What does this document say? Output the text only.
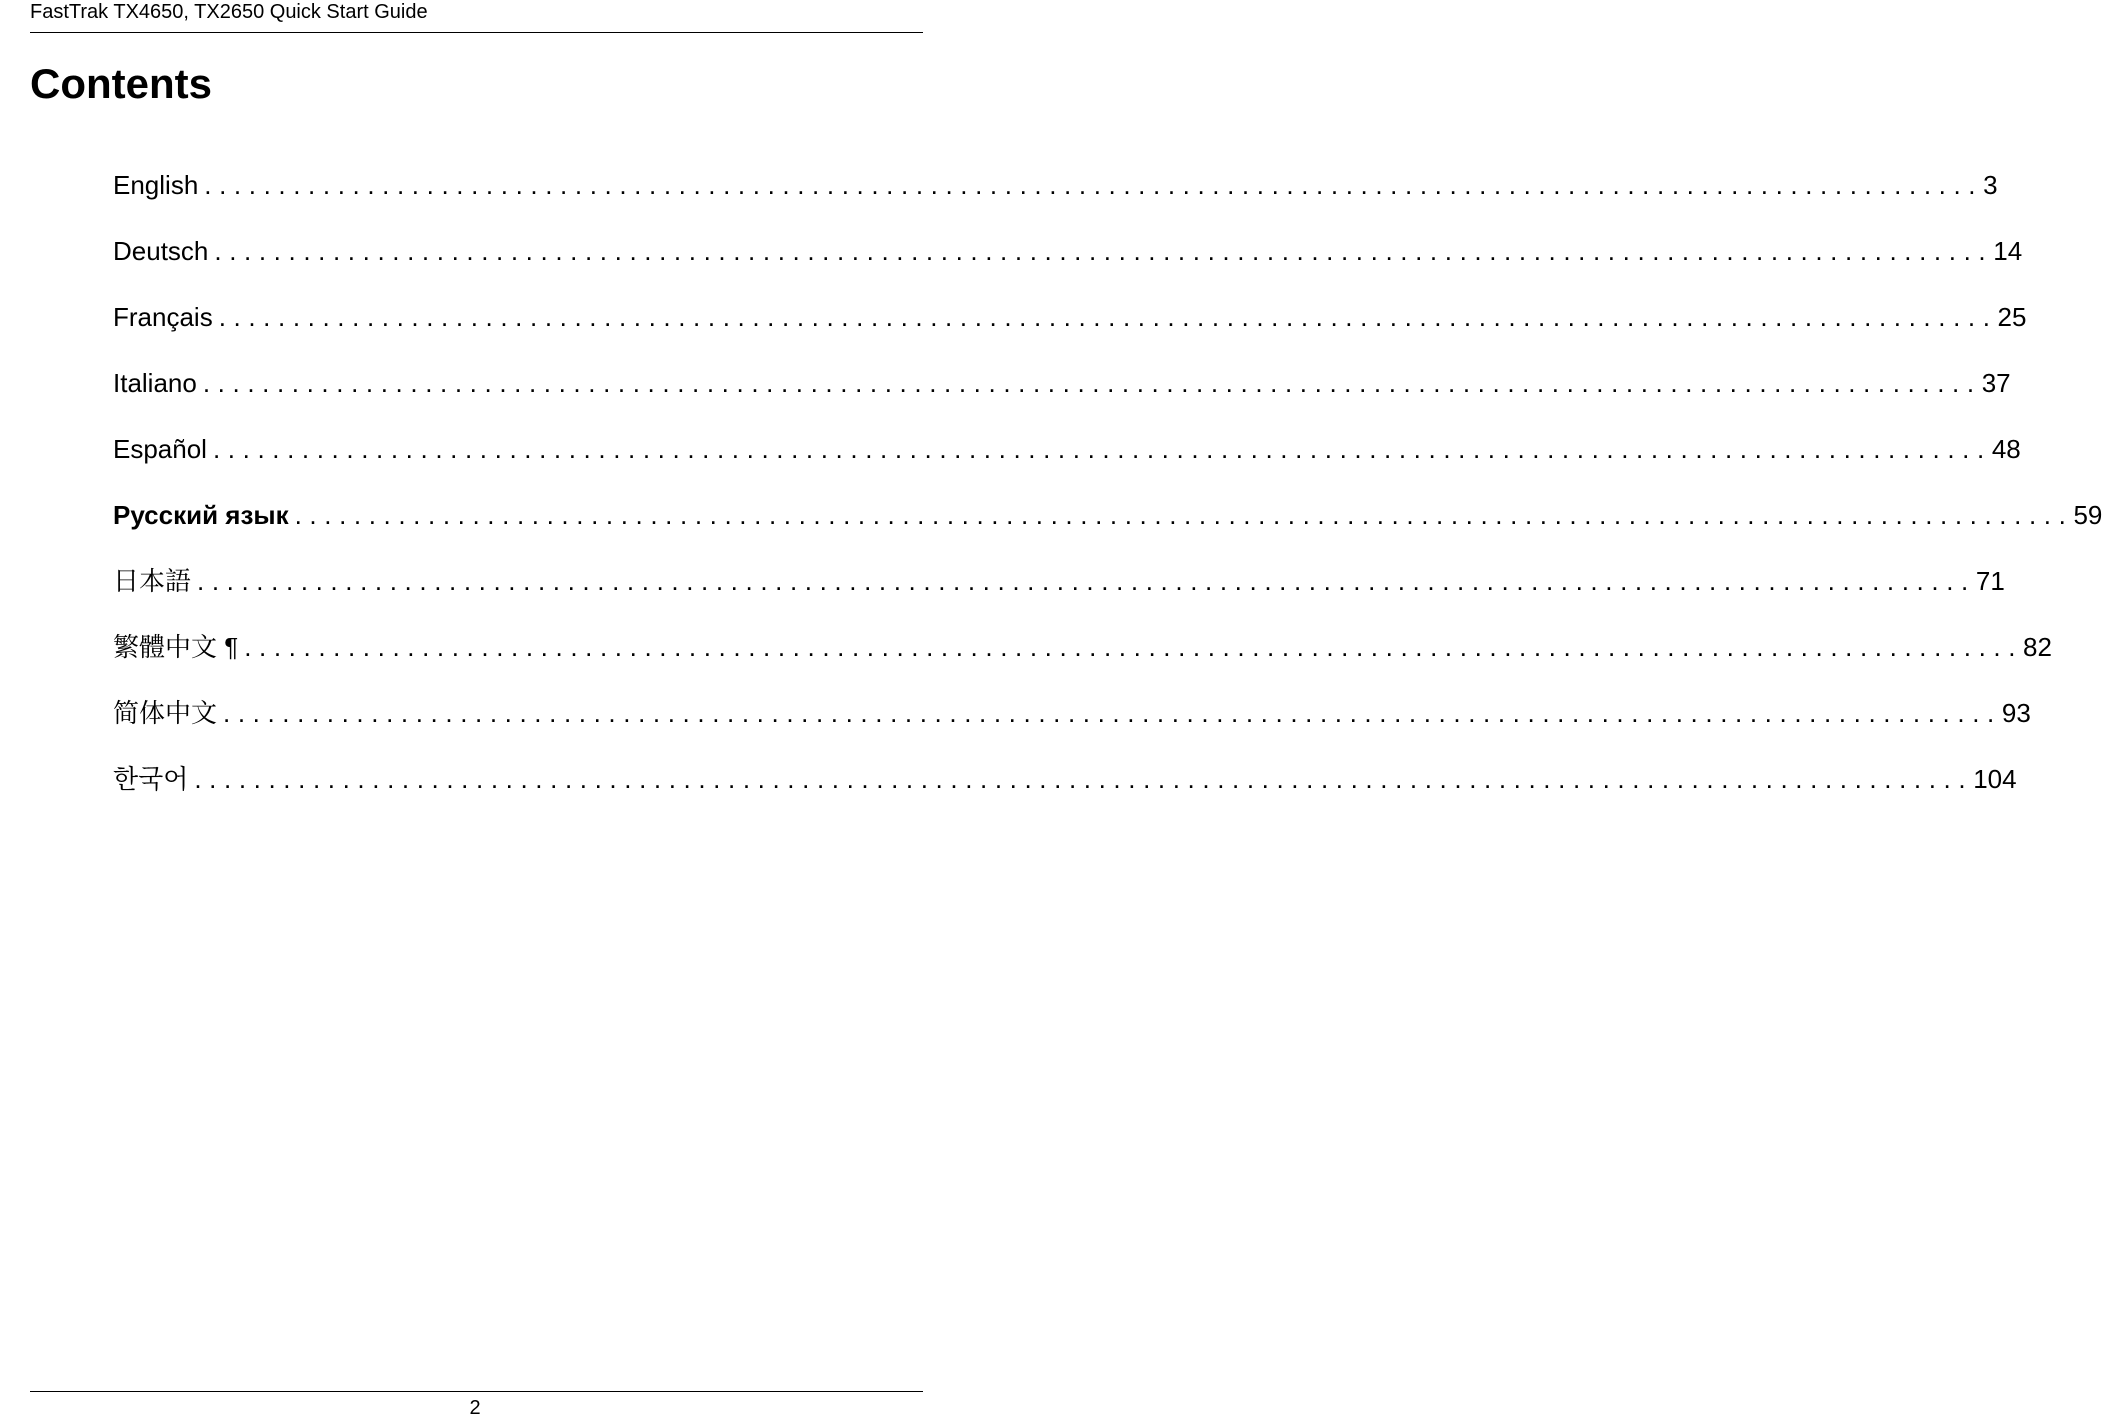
FastTrak TX4650, TX2650 Quick Start Guide
Contents
English ........................................................................................................................ 3
Deutsch ........................................................................................................................ 14
Français ........................................................................................................................ 25
Italiano ........................................................................................................................ 37
Español ........................................................................................................................ 48
Русский язык ........................................................................................................................ 59
日本語 ........................................................................................................................ 71
繁體中文 ¶ ........................................................................................................................ 82
简体中文 ........................................................................................................................ 93
한국어 ........................................................................................................................ 104
2
